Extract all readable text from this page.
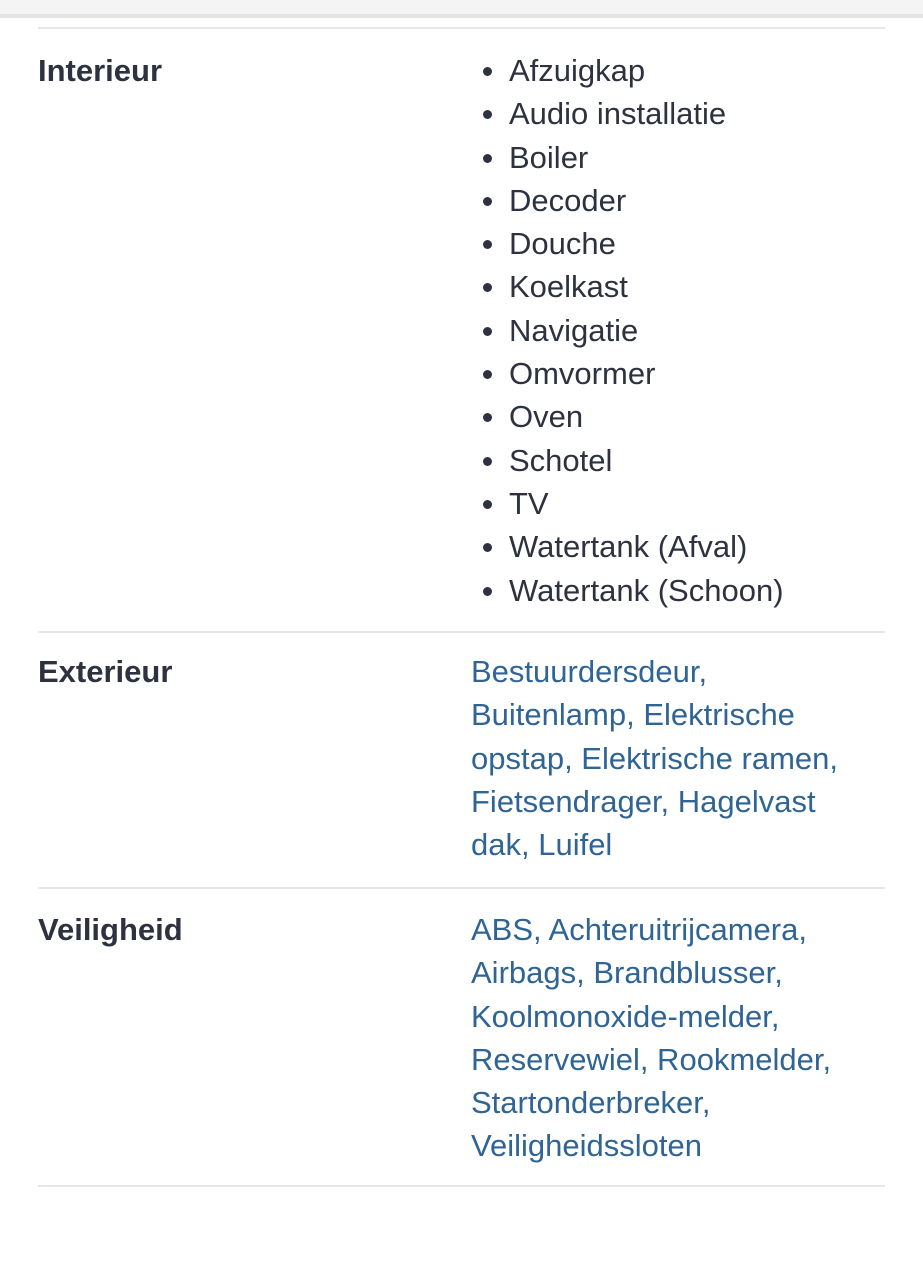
Interieur	Afzuigkap
Audio installatie
Boiler
Decoder
Douche
Koelkast
Navigatie
Omvormer
Oven
Schotel
TV
Watertank (Afval)
Watertank (Schoon)
Exterieur	Bestuurdersdeur, Buitenlamp, Elektrische opstap, Elektrische ramen, Fietsendrager, Hagelvast dak, Luifel
Veiligheid	ABS, Achteruitrijcamera, Airbags, Brandblusser, Koolmonoxide-melder, Reservewiel, Rookmelder, Startonderbreker, Veiligheidssloten
